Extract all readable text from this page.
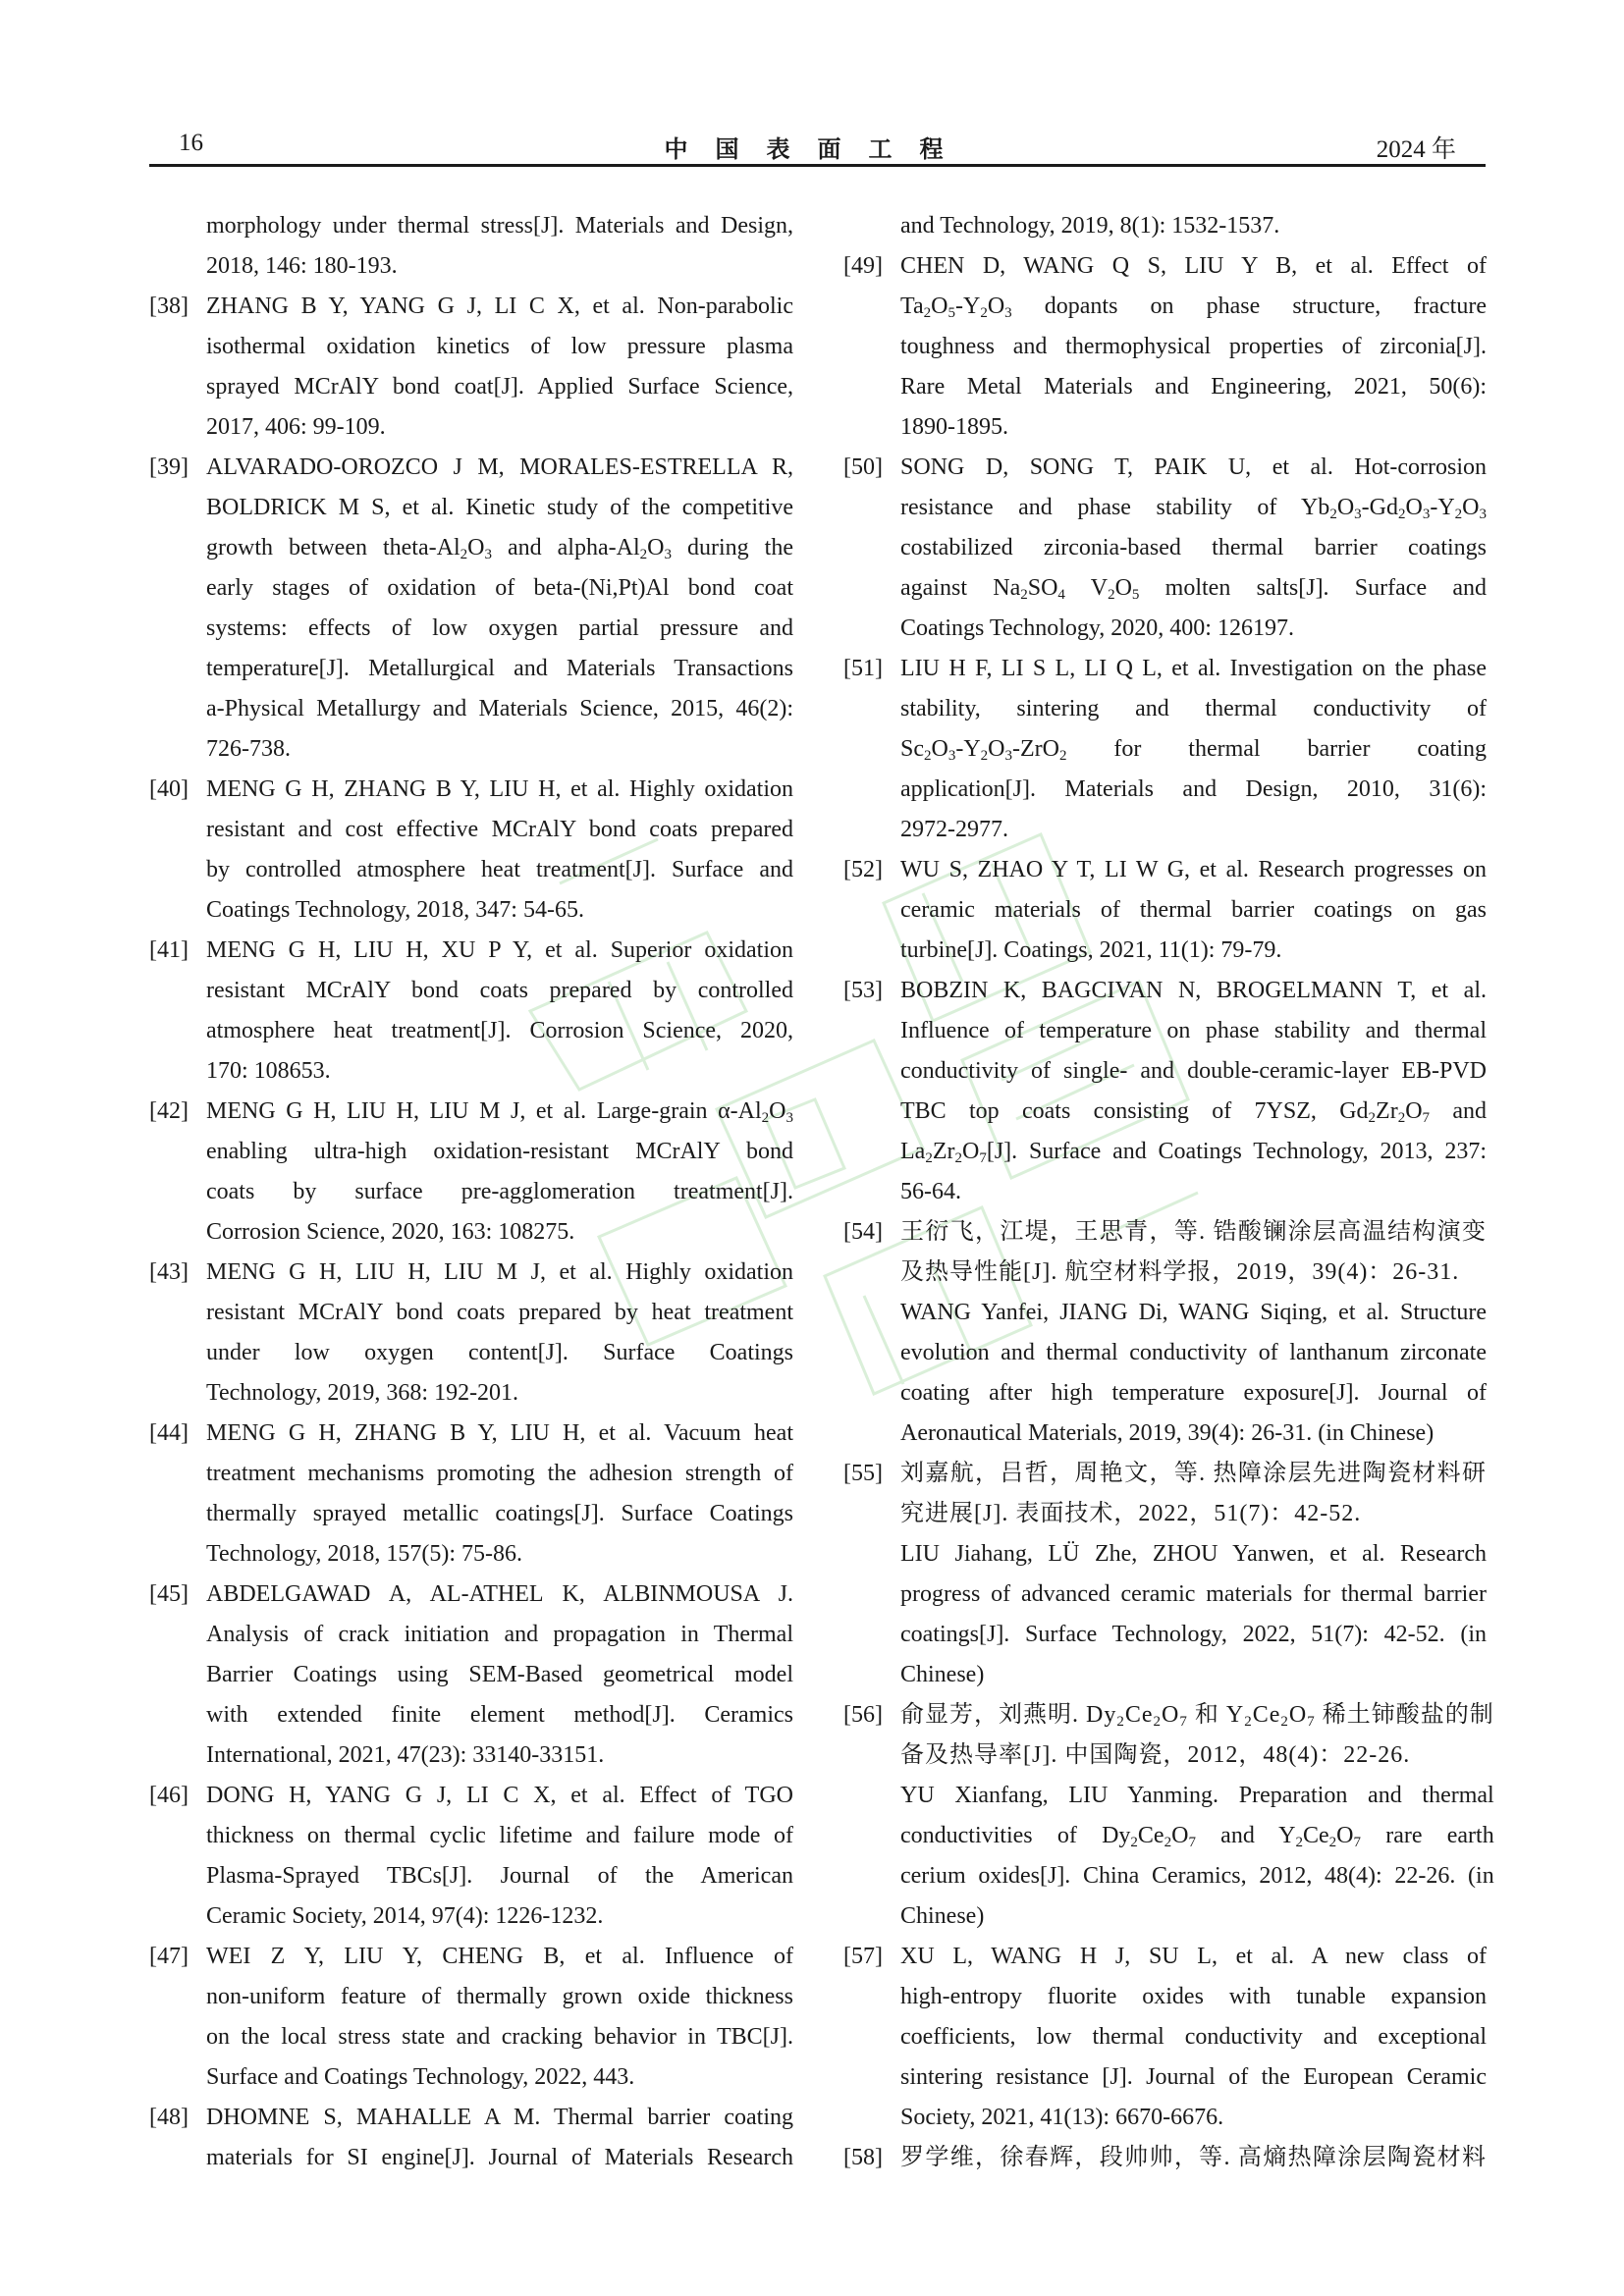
16	中国表面工程	2024 年
morphology under thermal stress[J]. Materials and Design,
2018, 146: 180-193.
[38] ZHANG B Y, YANG G J, LI C X, et al. Non-parabolic
isothermal oxidation kinetics of low pressure plasma
sprayed MCrAlY bond coat[J]. Applied Surface Science,
2017, 406: 99-109.
[39] ALVARADO-OROZCO J M, MORALES-ESTRELLA R,
BOLDRICK M S, et al. Kinetic study of the competitive
growth between theta-$Al_2O_3$ and alpha-$Al_2O_3$ during the
early stages of oxidation of beta-(Ni,Pt)Al bond coat
systems: effects of low oxygen partial pressure and
temperature[J]. Metallurgical and Materials Transactions
a-Physical Metallurgy and Materials Science, 2015, 46(2):
726-738.
[40] MENG G H, ZHANG B Y, LIU H, et al. Highly oxidation
resistant and cost effective MCrAlY bond coats prepared
by controlled atmosphere heat treatment[J]. Surface and
Coatings Technology, 2018, 347: 54-65.
[41] MENG G H, LIU H, XU P Y, et al. Superior oxidation
resistant MCrAlY bond coats prepared by controlled
atmosphere heat treatment[J]. Corrosion Science, 2020,
170: 108653.
[42] MENG G H, LIU H, LIU M J, et al. Large-grain $\alpha-Al_2O_3$
enabling ultra-high oxidation-resistant MCrAlY bond
coats by surface pre-agglomeration treatment[J].
Corrosion Science, 2020, 163: 108275.
[43] MENG G H, LIU H, LIU M J, et al. Highly oxidation
resistant MCrAlY bond coats prepared by heat treatment
under low oxygen content[J]. Surface Coatings
Technology, 2019, 368: 192-201.
[44] MENG G H, ZHANG B Y, LIU H, et al. Vacuum heat
treatment mechanisms promoting the adhesion strength of
thermally sprayed metallic coatings[J]. Surface Coatings
Technology, 2018, 157(5): 75-86.
[45] ABDELGAWAD A, AL-ATHEL K, ALBINMOUSA J.
Analysis of crack initiation and propagation in Thermal
Barrier Coatings using SEM-Based geometrical model
with extended finite element method[J]. Ceramics
International, 2021, 47(23): 33140-33151.
[46] DONG H, YANG G J, LI C X, et al. Effect of TGO
thickness on thermal cyclic lifetime and failure mode of
Plasma-Sprayed TBCs[J]. Journal of the American
Ceramic Society, 2014, 97(4): 1226-1232.
[47] WEI Z Y, LIU Y, CHENG B, et al. Influence of
non-uniform feature of thermally grown oxide thickness
on the local stress state and cracking behavior in TBC[J].
Surface and Coatings Technology, 2022, 443.
[48] DHOMNE S, MAHALLE A M. Thermal barrier coating
materials for SI engine[J]. Journal of Materials Research
and Technology, 2019, 8(1): 1532-1537.
[49] CHEN D, WANG Q S, LIU Y B, et al. Effect of
$Ta_2O_5-Y_2O_3$ dopants on phase structure, fracture
toughness and thermophysical properties of zirconia[J].
Rare Metal Materials and Engineering, 2021, 50(6):
1890-1895.
[50] SONG D, SONG T, PAIK U, et al. Hot-corrosion
resistance and phase stability of $Yb_2O_3-Gd_2O_3-Y_2O_3$
costabilized zirconia-based thermal barrier coatings
against $Na_2SO_4$ $V_2O_5$ molten salts[J]. Surface and
Coatings Technology, 2020, 400: 126197.
[51] LIU H F, LI S L, LI Q L, et al. Investigation on the phase
stability, sintering and thermal conductivity of
$Sc_2O_3-Y_2O_3-ZrO_2$ for thermal barrier coating
application[J]. Materials and Design, 2010, 31(6):
2972-2977.
[52] WU S, ZHAO Y T, LI W G, et al. Research progresses on
ceramic materials of thermal barrier coatings on gas
turbine[J]. Coatings, 2021, 11(1): 79-79.
[53] BOBZIN K, BAGCIVAN N, BROGELMANN T, et al.
Influence of temperature on phase stability and thermal
conductivity of single- and double-ceramic-layer EB-PVD
TBC top coats consisting of 7YSZ, $Gd_2Zr_2O_7$ and
$La_2Zr_2O_7[J]$. Surface and Coatings Technology, 2013, 237:
56-64.
[54] 王衍飞，江堤，王思青，等. 锆酸镧涂层高温结构演变
及热导性能[J]. 航空材料学报，2019，39(4)：26-31.
WANG Yanfei, JIANG Di, WANG Siqing, et al. Structure
evolution and thermal conductivity of lanthanum zirconate
coating after high temperature exposure[J]. Journal of
Aeronautical Materials, 2019, 39(4): 26-31. (in Chinese)
[55] 刘嘉航，吕哲，周艳文，等. 热障涂层先进陶瓷材料研
究进展[J]. 表面技术，2022，51(7)：42-52.
LIU Jiahang, LÜ Zhe, ZHOU Yanwen, et al. Research
progress of advanced ceramic materials for thermal barrier
coatings[J]. Surface Technology, 2022, 51(7): 42-52. (in
Chinese)
[56] 俞显芳，刘燕明. $Dy_2Ce_2O_7$ 和 $Y_2Ce_2O_7$ 稀土铈酸盐的制
备及热导率[J]. 中国陶瓷，2012，48(4)：22-26.
YU Xianfang, LIU Yanming. Preparation and thermal
conductivities of $Dy_2Ce_2O_7$ and $Y_2Ce_2O_7$ rare earth
cerium oxides[J]. China Ceramics, 2012, 48(4): 22-26. (in
Chinese)
[57] XU L, WANG H J, SU L, et al. A new class of
high-entropy fluorite oxides with tunable expansion
coefficients, low thermal conductivity and exceptional
sintering resistance [J]. Journal of the European Ceramic
Society, 2021, 41(13): 6670-6676.
[58] 罗学维，徐春辉，段帅帅，等. 高熵热障涂层陶瓷材料
